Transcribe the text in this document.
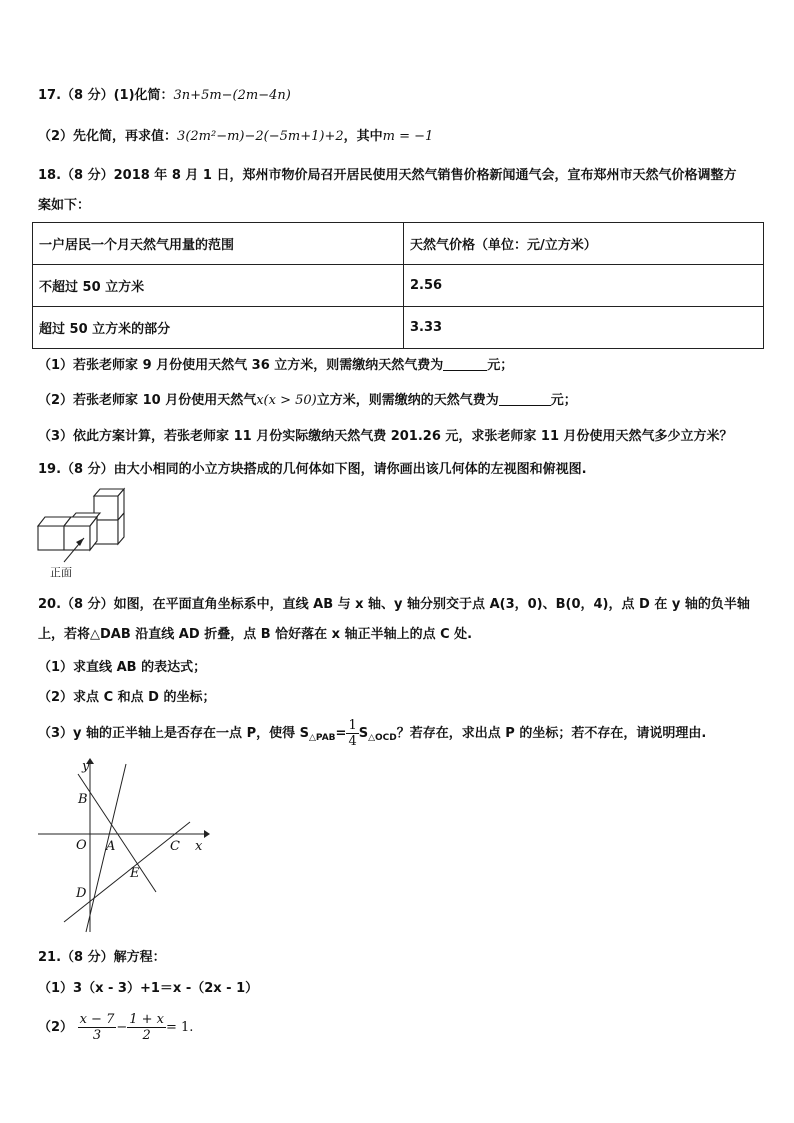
17.（8 分）(1)化简：3n+5m−(2m−4n)
（2）先化简，再求值：3(2m²−m)−2(−5m+1)+2，其中m = −1
18.（8 分）2018 年 8 月 1 日，郑州市物价局召开居民使用天然气销售价格新闻通气会，宣布郑州市天然气价格调整方
案如下：
一户居民一个月天然气用量的范围	天然气价格（单位：元/立方米）
不超过 50 立方米	2.56
超过 50 立方米的部分	3.33
（1）若张老师家 9 月份使用天然气 36 立方米，则需缴纳天然气费为	元；
（2）若张老师家 10 月份使用天然气x(x > 50)立方米，则需缴纳的天然气费为	元；
（3）依此方案计算，若张老师家 11 月份实际缴纳天然气费 201.26 元，求张老师家 11 月份使用天然气多少立方米？
19.（8 分）由大小相同的小立方块搭成的几何体如下图，请你画出该几何体的左视图和俯视图.
正面
20.（8 分）如图，在平面直角坐标系中，直线 AB 与 x 轴、y 轴分别交于点 A(3，0)、B(0，4)，点 D 在 y 轴的负半轴
上，若将△DAB 沿直线 AD 折叠，点 B 恰好落在 x 轴正半轴上的点 C 处.
（1）求直线 AB 的表达式；
（2）求点 C 和点 D 的坐标；
（3）y 轴的正半轴上是否存在一点 P，使得 $S_{\triangle PAB}= \frac{1}{4} S_{\triangle OCD}$？若存在，求出点 P 的坐标；若不存在，请说明理由.
y
x
B
O A	C
E
D
21.（8 分）解方程：
（1）3（x - 3）+1＝x -（2x - 1）
$(2) \frac{x - 7}{3} - \frac{1 + x}{2} = 1$.
